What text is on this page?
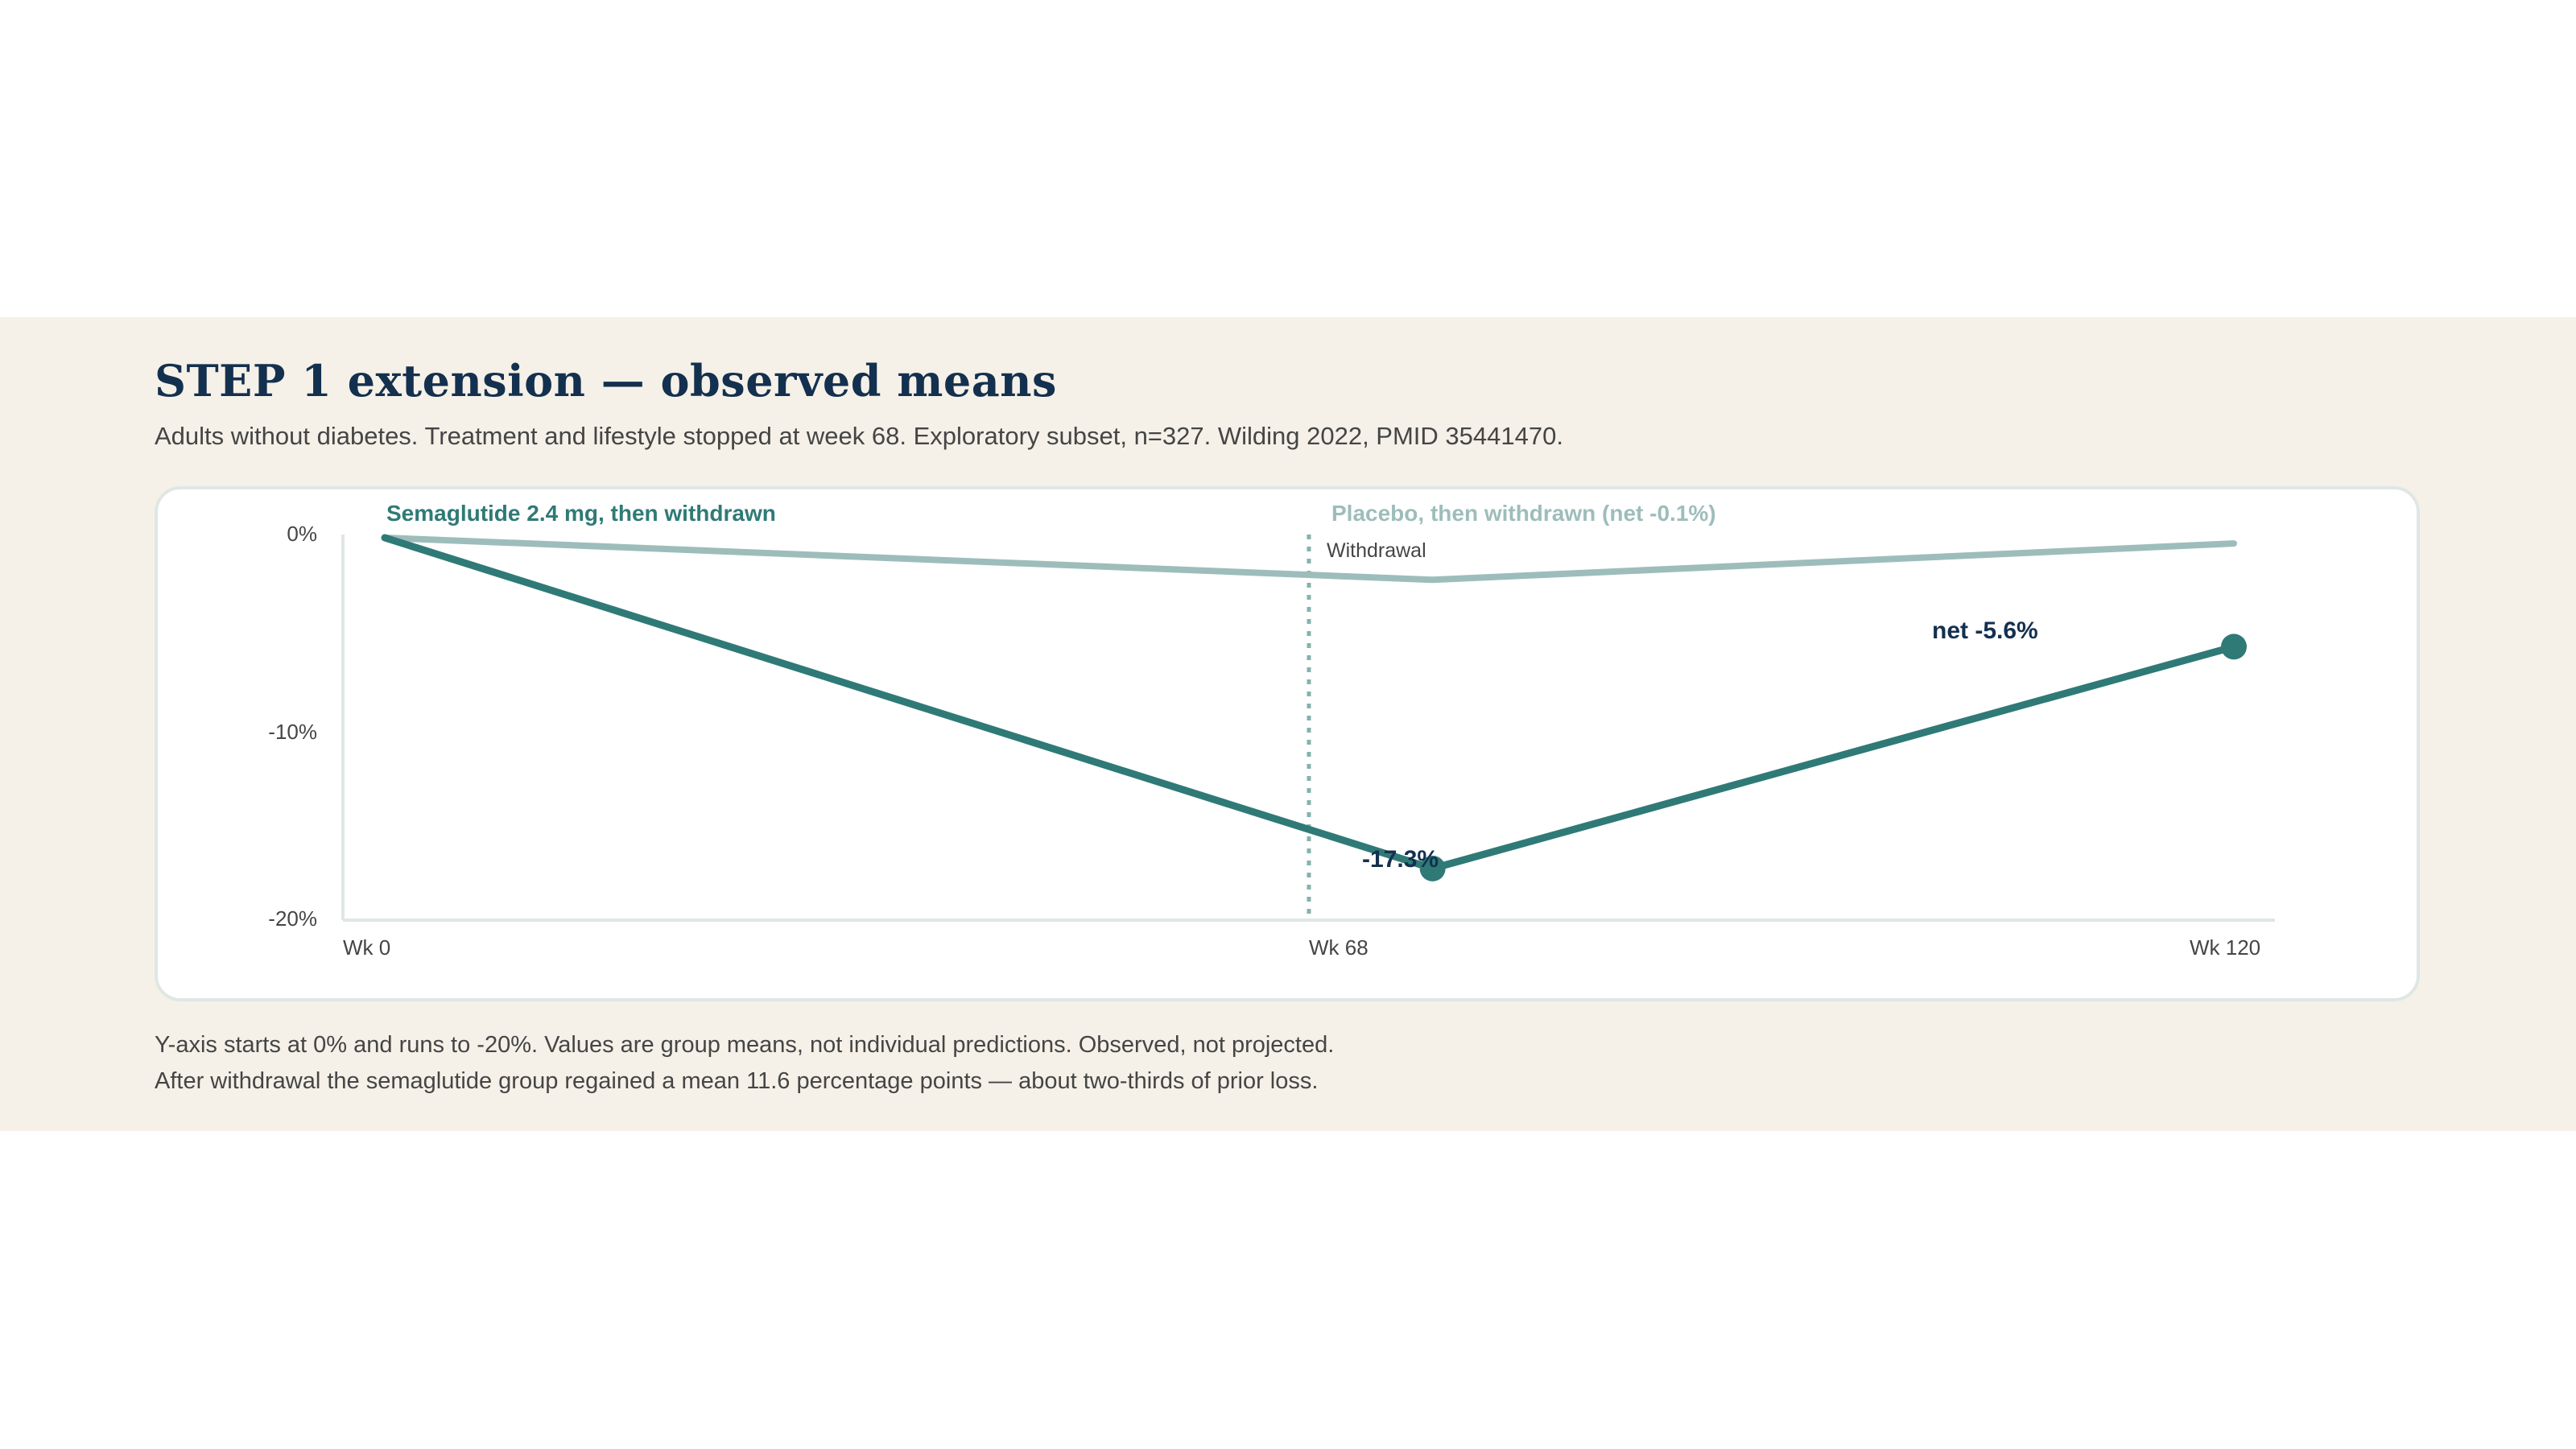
STEP 1 extension — observed means
Adults without diabetes. Treatment and lifestyle stopped at week 68. Exploratory subset, n=327. Wilding 2022, PMID 35441470.
0%
-10%
-20%
Wk 0	Wk 68	Wk 120
Withdrawal
Semaglutide 2.4 mg, then withdrawn	Placebo, then withdrawn (net -0.1%)
-17.3%
net -5.6%
Y-axis starts at 0% and runs to -20%. Values are group means, not individual predictions. Observed, not projected.
After withdrawal the semaglutide group regained a mean 11.6 percentage points — about two-thirds of prior loss.
